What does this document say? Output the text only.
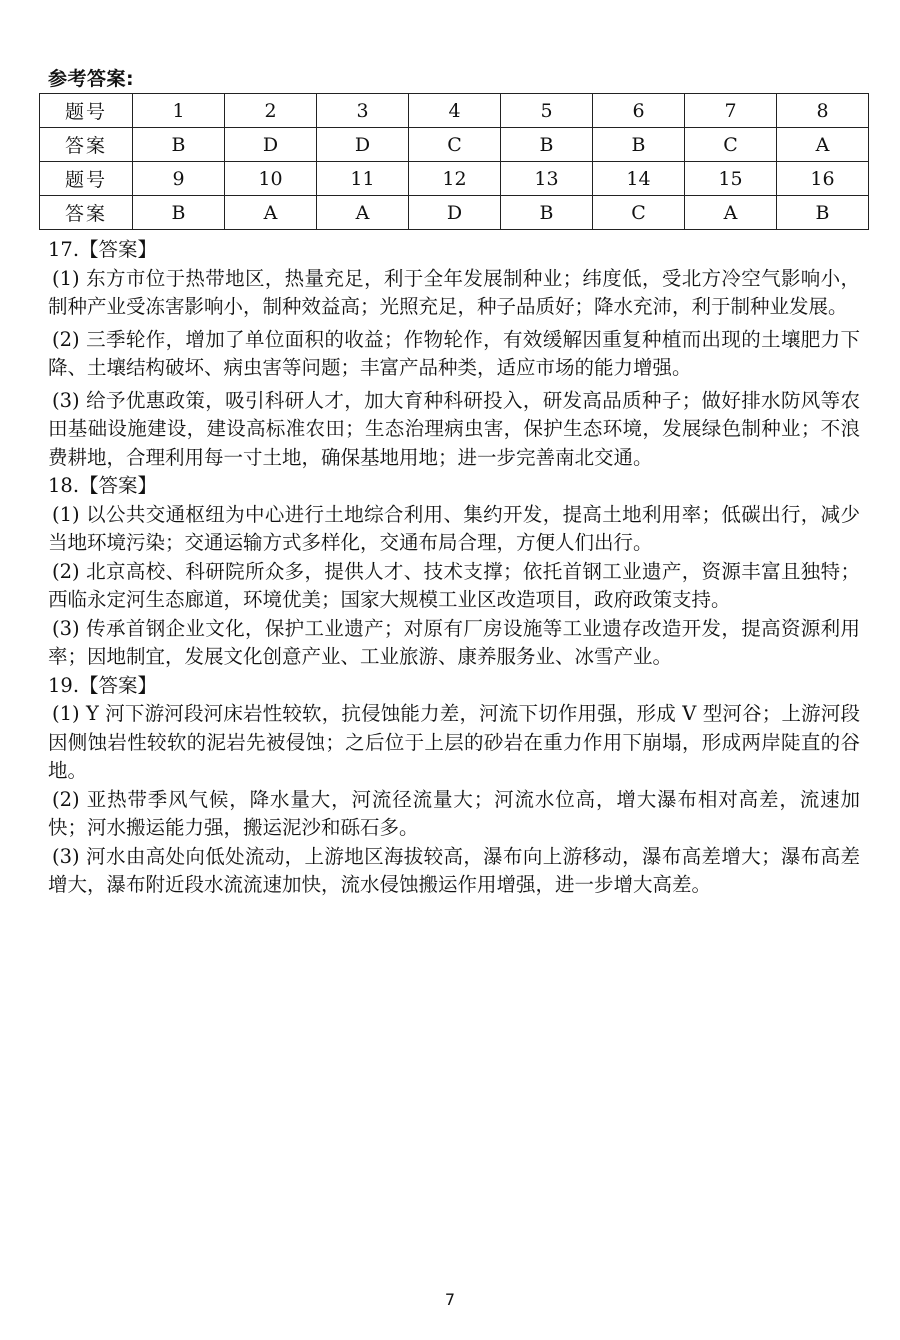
参考答案:
题号	1	2	3	4	5	6	7	8
答案	B	D	D	C	B	B	C	A
题号	9	10	11	12	13	14	15	16
答案	B	A	A	D	B	C	A	B

17.【答案】

(1) 东方市位于热带地区，热量充足，利于全年发展制种业；纬度低，受北方冷空气影响小，制种产业受冻害影响小，制种效益高；光照充足，种子品质好；降水充沛，利于制种业发展。

(2) 三季轮作，增加了单位面积的收益；作物轮作，有效缓解因重复种植而出现的土壤肥力下降、土壤结构破坏、病虫害等问题；丰富产品种类，适应市场的能力增强。

(3) 给予优惠政策，吸引科研人才，加大育种科研投入，研发高品质种子；做好排水防风等农田基础设施建设，建设高标准农田；生态治理病虫害，保护生态环境，发展绿色制种业；不浪费耕地，合理利用每一寸土地，确保基地用地；进一步完善南北交通。

18.【答案】

(1) 以公共交通枢纽为中心进行土地综合利用、集约开发，提高土地利用率；低碳出行，减少当地环境污染；交通运输方式多样化，交通布局合理，方便人们出行。

(2) 北京高校、科研院所众多，提供人才、技术支撑；依托首钢工业遗产，资源丰富且独特；西临永定河生态廊道，环境优美；国家大规模工业区改造项目，政府政策支持。

(3) 传承首钢企业文化，保护工业遗产；对原有厂房设施等工业遗存改造开发，提高资源利用率；因地制宜，发展文化创意产业、工业旅游、康养服务业、冰雪产业。

19.【答案】

(1) Y 河下游河段河床岩性较软，抗侵蚀能力差，河流下切作用强，形成 V 型河谷；上游河段因侧蚀岩性较软的泥岩先被侵蚀；之后位于上层的砂岩在重力作用下崩塌，形成两岸陡直的谷地。

(2) 亚热带季风气候，降水量大，河流径流量大；河流水位高，增大瀑布相对高差，流速加快；河水搬运能力强，搬运泥沙和砾石多。

(3) 河水由高处向低处流动，上游地区海拔较高，瀑布向上游移动，瀑布高差增大；瀑布高差增大，瀑布附近段水流流速加快，流水侵蚀搬运作用增强，进一步增大高差。

7
